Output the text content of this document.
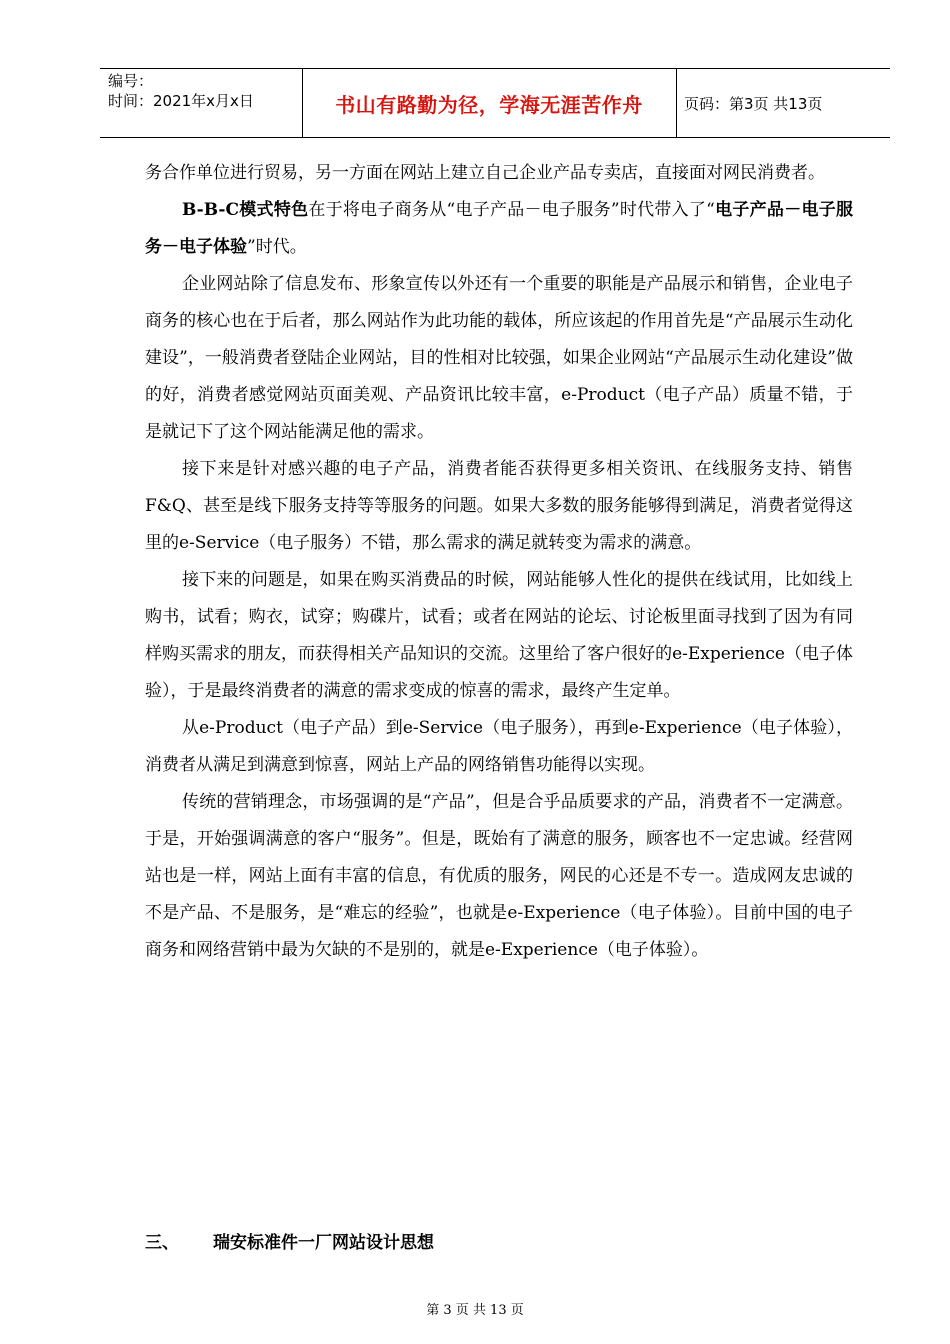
编号：
时间：2021年x月x日	书山有路勤为径，学海无涯苦作舟	页码：第3页 共13页

务合作单位进行贸易，另一方面在网站上建立自己企业产品专卖店，直接面对网民消费者。

B-B-C模式特色在于将电子商务从“电子产品－电子服务”时代带入了“电子产品－电子服务－电子体验”时代。

企业网站除了信息发布、形象宣传以外还有一个重要的职能是产品展示和销售，企业电子商务的核心也在于后者，那么网站作为此功能的载体，所应该起的作用首先是“产品展示生动化建设”，一般消费者登陆企业网站，目的性相对比较强，如果企业网站“产品展示生动化建设”做的好，消费者感觉网站页面美观、产品资讯比较丰富，e-Product（电子产品）质量不错，于是就记下了这个网站能满足他的需求。

接下来是针对感兴趣的电子产品，消费者能否获得更多相关资讯、在线服务支持、销售F&Q、甚至是线下服务支持等等服务的问题。如果大多数的服务能够得到满足，消费者觉得这里的e-Service（电子服务）不错，那么需求的满足就转变为需求的满意。

接下来的问题是，如果在购买消费品的时候，网站能够人性化的提供在线试用，比如线上购书，试看；购衣，试穿；购碟片，试看；或者在网站的论坛、讨论板里面寻找到了因为有同样购买需求的朋友，而获得相关产品知识的交流。这里给了客户很好的e-Experience（电子体验），于是最终消费者的满意的需求变成的惊喜的需求，最终产生定单。

从e-Product（电子产品）到e-Service（电子服务），再到e-Experience（电子体验），消费者从满足到满意到惊喜，网站上产品的网络销售功能得以实现。

传统的营销理念，市场强调的是“产品”，但是合乎品质要求的产品，消费者不一定满意。于是，开始强调满意的客户“服务”。但是，既始有了满意的服务，顾客也不一定忠诚。经营网站也是一样，网站上面有丰富的信息，有优质的服务，网民的心还是不专一。造成网友忠诚的不是产品、不是服务，是“难忘的经验”，也就是e-Experience（电子体验）。目前中国的电子商务和网络营销中最为欠缺的不是别的，就是e-Experience（电子体验）。

三、 瑞安标准件一厂网站设计思想
第 3 页 共 13 页
